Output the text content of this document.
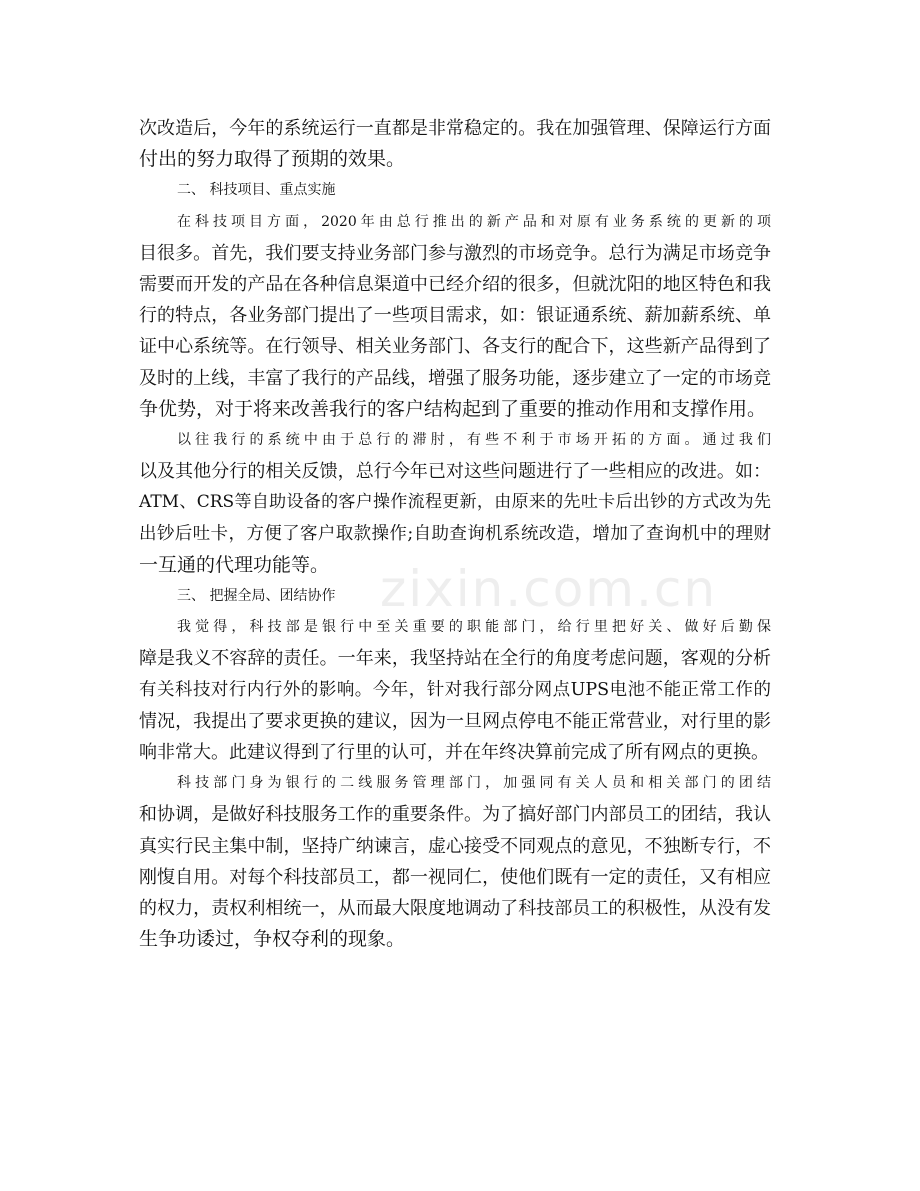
zixin.com.cn
次改造后，今年的系统运行一直都是非常稳定的。我在加强管理、保障运行方面
付出的努力取得了预期的效果。
二、 科技项目、重点实施
在科技项目方面，2020年由总行推出的新产品和对原有业务系统的更新的项
目很多。首先，我们要支持业务部门参与激烈的市场竞争。总行为满足市场竞争
需要而开发的产品在各种信息渠道中已经介绍的很多，但就沈阳的地区特色和我
行的特点，各业务部门提出了一些项目需求，如：银证通系统、薪加薪系统、单
证中心系统等。在行领导、相关业务部门、各支行的配合下，这些新产品得到了
及时的上线，丰富了我行的产品线，增强了服务功能，逐步建立了一定的市场竞
争优势，对于将来改善我行的客户结构起到了重要的推动作用和支撑作用。
以往我行的系统中由于总行的滞肘，有些不利于市场开拓的方面。通过我们
以及其他分行的相关反馈，总行今年已对这些问题进行了一些相应的改进。如：
ATM、CRS等自助设备的客户操作流程更新，由原来的先吐卡后出钞的方式改为先
出钞后吐卡，方便了客户取款操作;自助查询机系统改造，增加了查询机中的理财
一互通的代理功能等。
三、 把握全局、团结协作
我觉得，科技部是银行中至关重要的职能部门，给行里把好关、做好后勤保
障是我义不容辞的责任。一年来，我坚持站在全行的角度考虑问题，客观的分析
有关科技对行内行外的影响。今年，针对我行部分网点UPS电池不能正常工作的
情况，我提出了要求更换的建议，因为一旦网点停电不能正常营业，对行里的影
响非常大。此建议得到了行里的认可，并在年终决算前完成了所有网点的更换。
科技部门身为银行的二线服务管理部门，加强同有关人员和相关部门的团结
和协调，是做好科技服务工作的重要条件。为了搞好部门内部员工的团结，我认
真实行民主集中制，坚持广纳谏言，虚心接受不同观点的意见，不独断专行，不
刚愎自用。对每个科技部员工，都一视同仁，使他们既有一定的责任，又有相应
的权力，责权利相统一，从而最大限度地调动了科技部员工的积极性，从没有发
生争功诿过，争权夺利的现象。
